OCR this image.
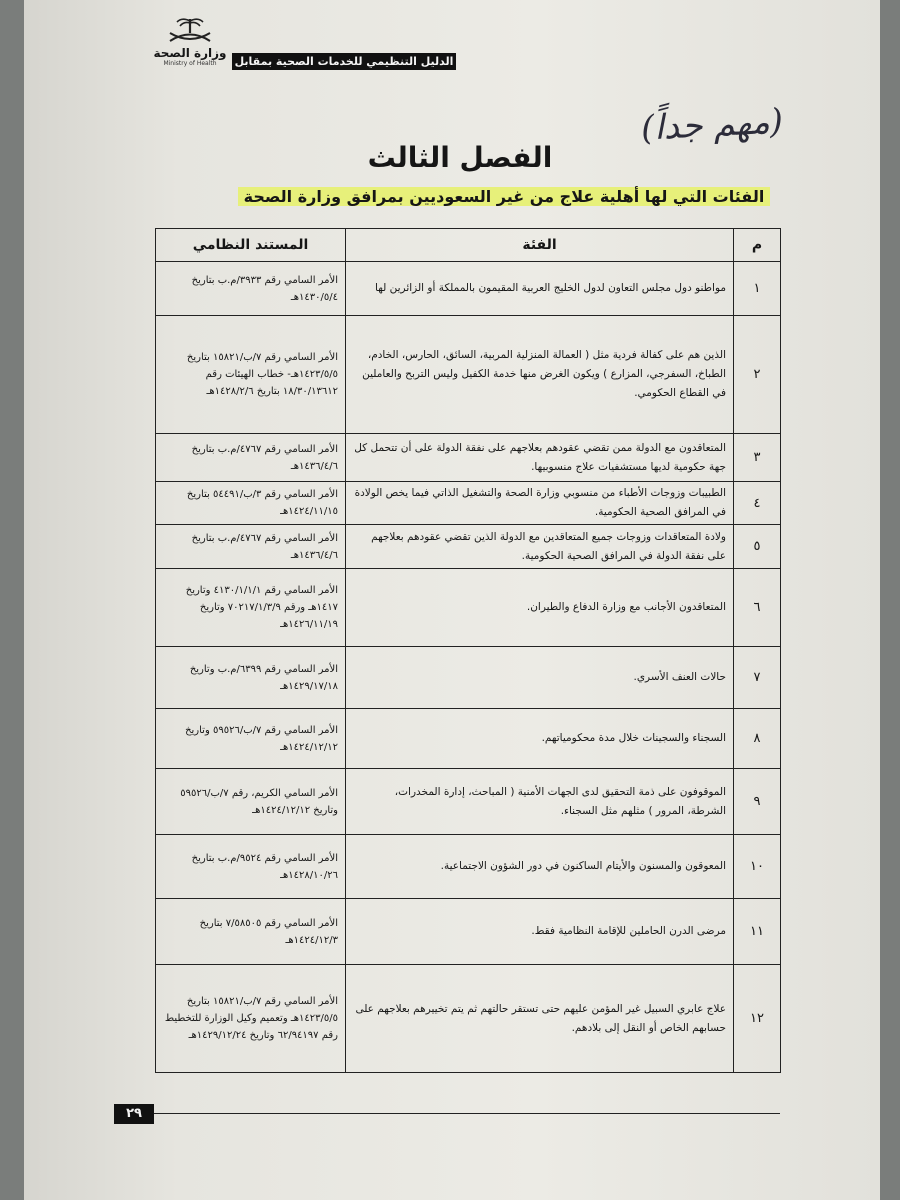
وزارة الصحة
Ministry of Health	الدليل التنظيمي للخدمات الصحية بمقابل
(مهم جداً)
الفصل الثالث
الفئات التي لها أهلية علاج من غير السعوديين بمرافق وزارة الصحة
م	الفئة	المستند النظامي
١	مواطنو دول مجلس التعاون لدول الخليج العربية المقيمون بالمملكة أو الزائرين لها	الأمر السامي رقم ٣٩٣٣/م.ب بتاريخ ١٤٣٠/٥/٤هـ
٢	الذين هم على كفالة فردية مثل ( العمالة المنزلية المربية، السائق، الحارس، الخادم، الطباخ، السفرجي، المزارع ) ويكون الغرض منها خدمة الكفيل وليس التربح والعاملين في القطاع الحكومي.	الأمر السامي رقم ٧/ب/١٥٨٢١ بتاريخ ١٤٢٣/٥/٥هـ- خطاب الهيئات رقم ١٨/٣٠/١٣٦١٢ بتاريخ ١٤٢٨/٢/٦هـ
٣	المتعاقدون مع الدولة ممن تقضي عقودهم بعلاجهم على نفقة الدولة على أن تتحمل كل جهة حكومية لديها مستشفيات علاج منسوبيها.	الأمر السامي رقم ٤٧٦٧/م.ب بتاريخ ١٤٣٦/٤/٦هـ
٤	الطبيبات وزوجات الأطباء من منسوبي وزارة الصحة والتشغيل الذاتي فيما يخص الولادة في المرافق الصحية الحكومية.	الأمر السامي رقم ٣/ب/٥٤٤٩١ بتاريخ ١٤٢٤/١١/١٥هـ
٥	ولادة المتعاقدات وزوجات جميع المتعاقدين مع الدولة الذين تقضي عقودهم بعلاجهم على نفقة الدولة في المرافق الصحية الحكومية.	الأمر السامي رقم ٤٧٦٧/م.ب بتاريخ ١٤٣٦/٤/٦هـ
٦	المتعاقدون الأجانب مع وزارة الدفاع والطيران.	الأمر السامي رقم ٤١٣٠/١/١/١ وتاريخ ١٤١٧هـ ورقم ٧٠٢١٧/١/٣/٩ وتاريخ ١٤٢٦/١١/١٩هـ
٧	حالات العنف الأسري.	الأمر السامي رقم ٦٣٩٩/م.ب وتاريخ ١٤٢٩/١٧/١٨هـ
٨	السجناء والسجينات خلال مدة محكومياتهم.	الأمر السامي رقم ٧/ب/٥٩٥٢٦ وتاريخ ١٤٢٤/١٢/١٢هـ
٩	الموقوفون على ذمة التحقيق لدى الجهات الأمنية ( المباحث، إدارة المخدرات، الشرطة، المرور ) مثلهم مثل السجناء.	الأمر السامي الكريم، رقم ٧/ب/٥٩٥٢٦ وتاريخ ١٤٢٤/١٢/١٢هـ
١٠	المعوقون والمسنون والأيتام الساكنون في دور الشؤون الاجتماعية.	الأمر السامي رقم ٩٥٢٤/م.ب بتاريخ ١٤٢٨/١٠/٢٦هـ
١١	مرضى الدرن الحاملين للإقامة النظامية فقط.	الأمر السامي رقم ٧/٥٨٥٠٥ بتاريخ ١٤٢٤/١٢/٣هـ
١٢	علاج عابري السبيل غير المؤمن عليهم حتى تستقر حالتهم ثم يتم تخييرهم بعلاجهم على حسابهم الخاص أو النقل إلى بلادهم.	الأمر السامي رقم ٧/ب/١٥٨٢١ بتاريخ ١٤٢٣/٥/٥هـ وتعميم وكيل الوزارة للتخطيط رقم ٦٢/٩٤١٩٧ وتاريخ ١٤٢٩/١٢/٢٤هـ
٢٩
